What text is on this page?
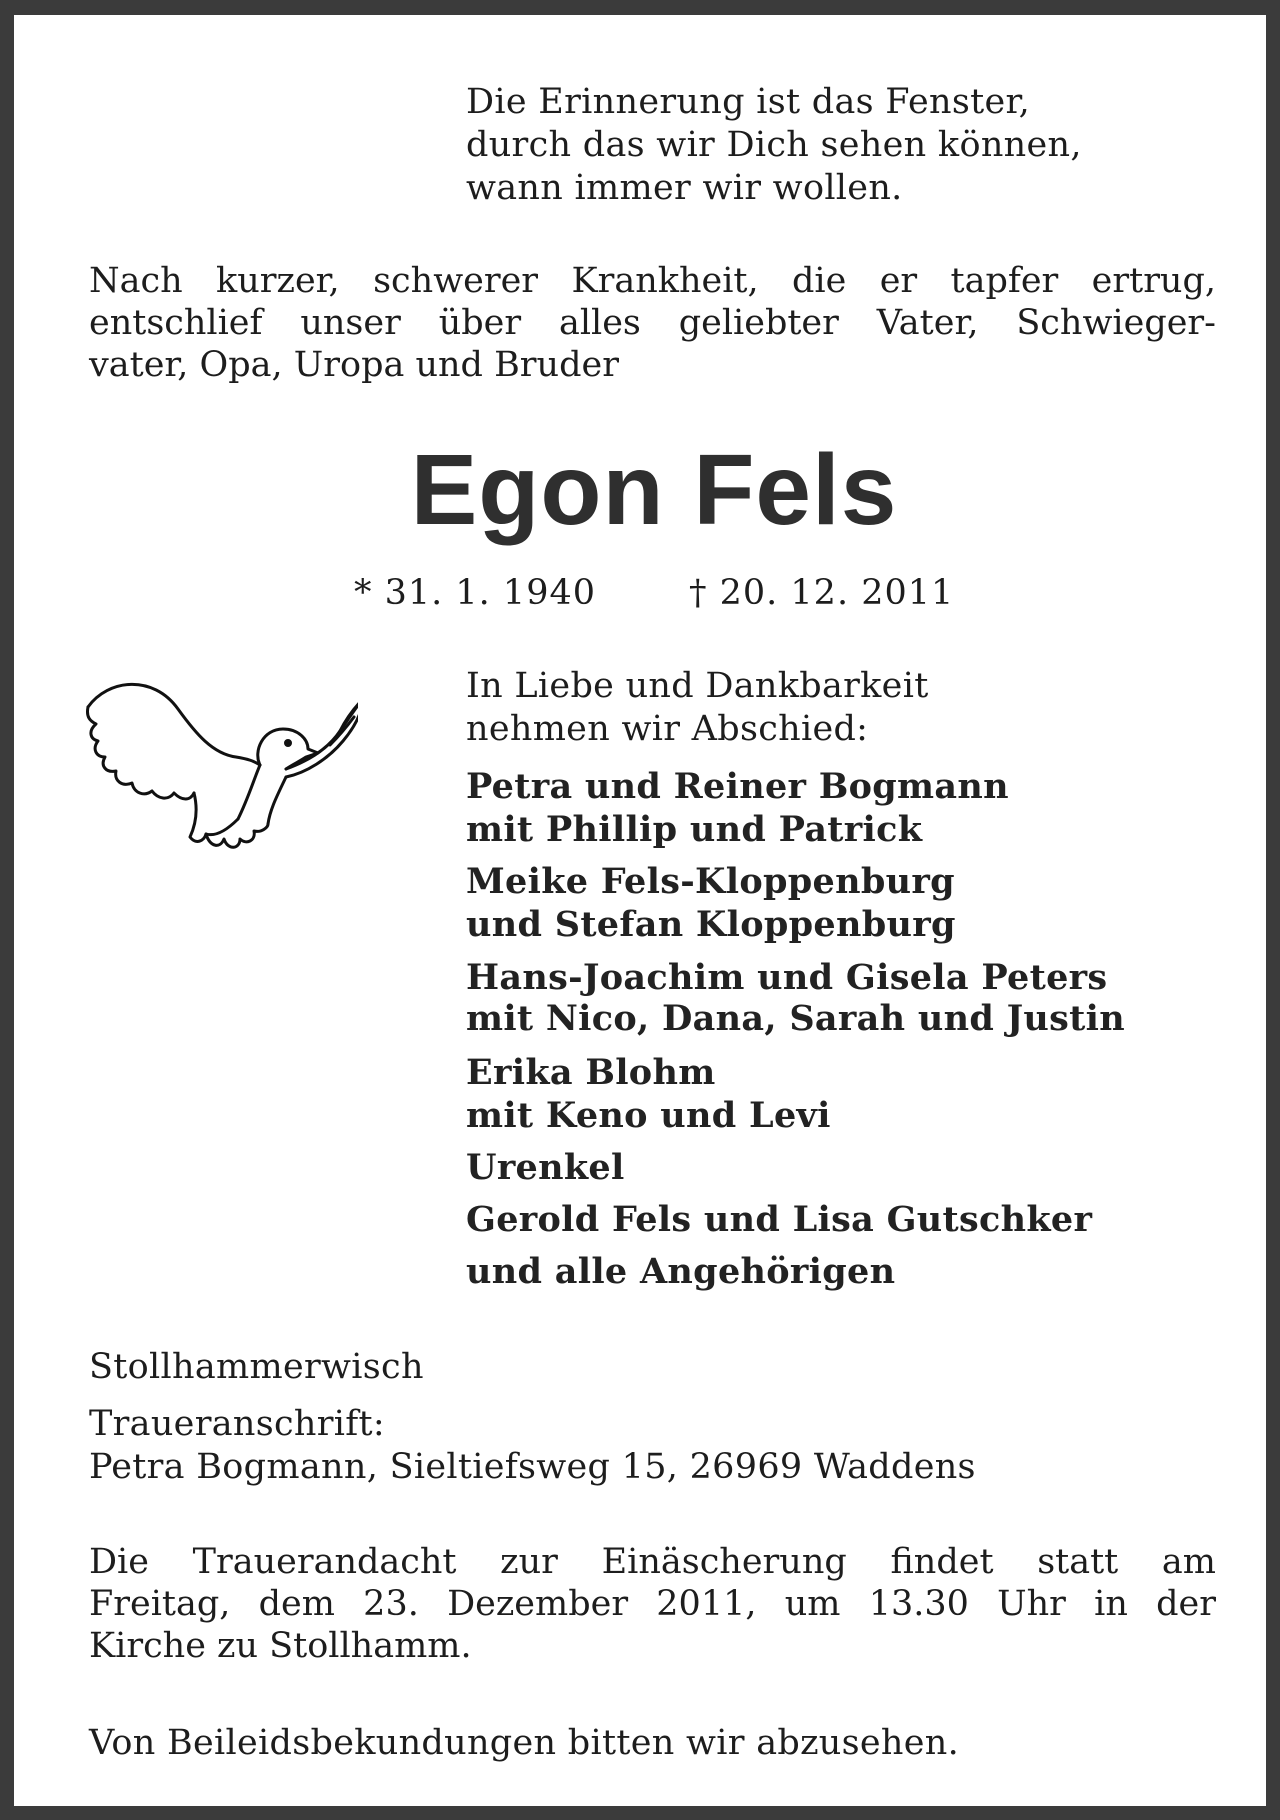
Die Erinnerung ist das Fenster,
durch das wir Dich sehen können,
wann immer wir wollen.
Nach kurzer, schwerer Krankheit, die er tapfer ertrug,
entschlief unser über alles geliebter Vater, Schwieger-
vater, Opa, Uropa und Bruder
Egon Fels
* 31. 1. 1940	† 20. 12. 2011
In Liebe und Dankbarkeit
nehmen wir Abschied:
Petra und Reiner Bogmann
mit Phillip und Patrick
Meike Fels-Kloppenburg
und Stefan Kloppenburg
Hans-Joachim und Gisela Peters
mit Nico, Dana, Sarah und Justin
Erika Blohm
mit Keno und Levi
Urenkel
Gerold Fels und Lisa Gutschker
und alle Angehörigen
Stollhammerwisch
Traueranschrift:
Petra Bogmann, Sieltiefsweg 15, 26969 Waddens
Die Trauerandacht zur Einäscherung findet statt am
Freitag, dem 23. Dezember 2011, um 13.30 Uhr in der
Kirche zu Stollhamm.
Von Beileidsbekundungen bitten wir abzusehen.
